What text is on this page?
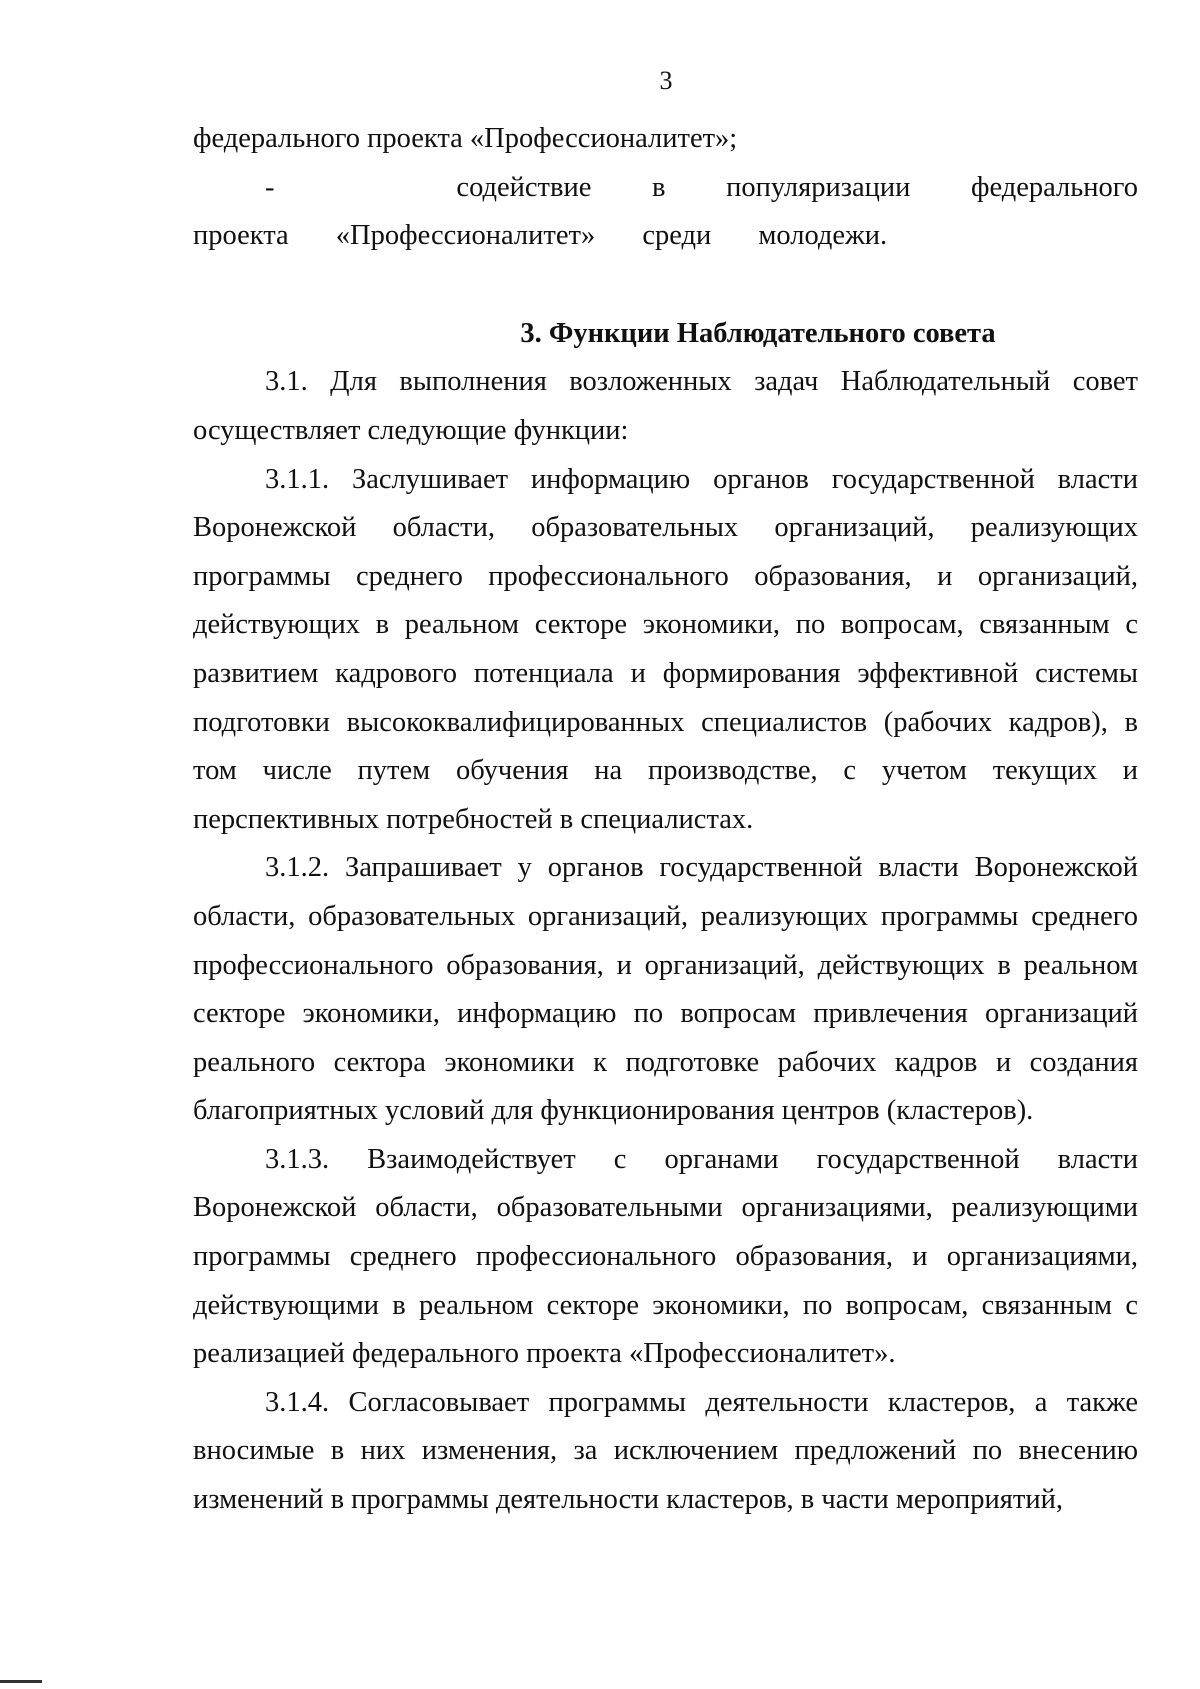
3

федерального проекта «Профессионалитет»;

-   содействие в популяризации федерального проекта «Профессионалитет» среди молодежи.

3. Функции Наблюдательного совета

3.1. Для выполнения возложенных задач Наблюдательный совет осуществляет следующие функции:

3.1.1. Заслушивает информацию органов государственной власти Воронежской области, образовательных организаций, реализующих программы среднего профессионального образования, и организаций, действующих в реальном секторе экономики, по вопросам, связанным с развитием кадрового потенциала и формирования эффективной системы подготовки высококвалифицированных специалистов (рабочих кадров), в том числе путем обучения на производстве, с учетом текущих и перспективных потребностей в специалистах.

3.1.2. Запрашивает у органов государственной власти Воронежской области, образовательных организаций, реализующих программы среднего профессионального образования, и организаций, действующих в реальном секторе экономики, информацию по вопросам привлечения организаций реального сектора экономики к подготовке рабочих кадров и создания благоприятных условий для функционирования центров (кластеров).

3.1.3. Взаимодействует с органами государственной власти Воронежской области, образовательными организациями, реализующими программы среднего профессионального образования, и организациями, действующими в реальном секторе экономики, по вопросам, связанным с реализацией федерального проекта «Профессионалитет».

3.1.4. Согласовывает программы деятельности кластеров, а также вносимые в них изменения, за исключением предложений по внесению изменений в программы деятельности кластеров, в части мероприятий,
